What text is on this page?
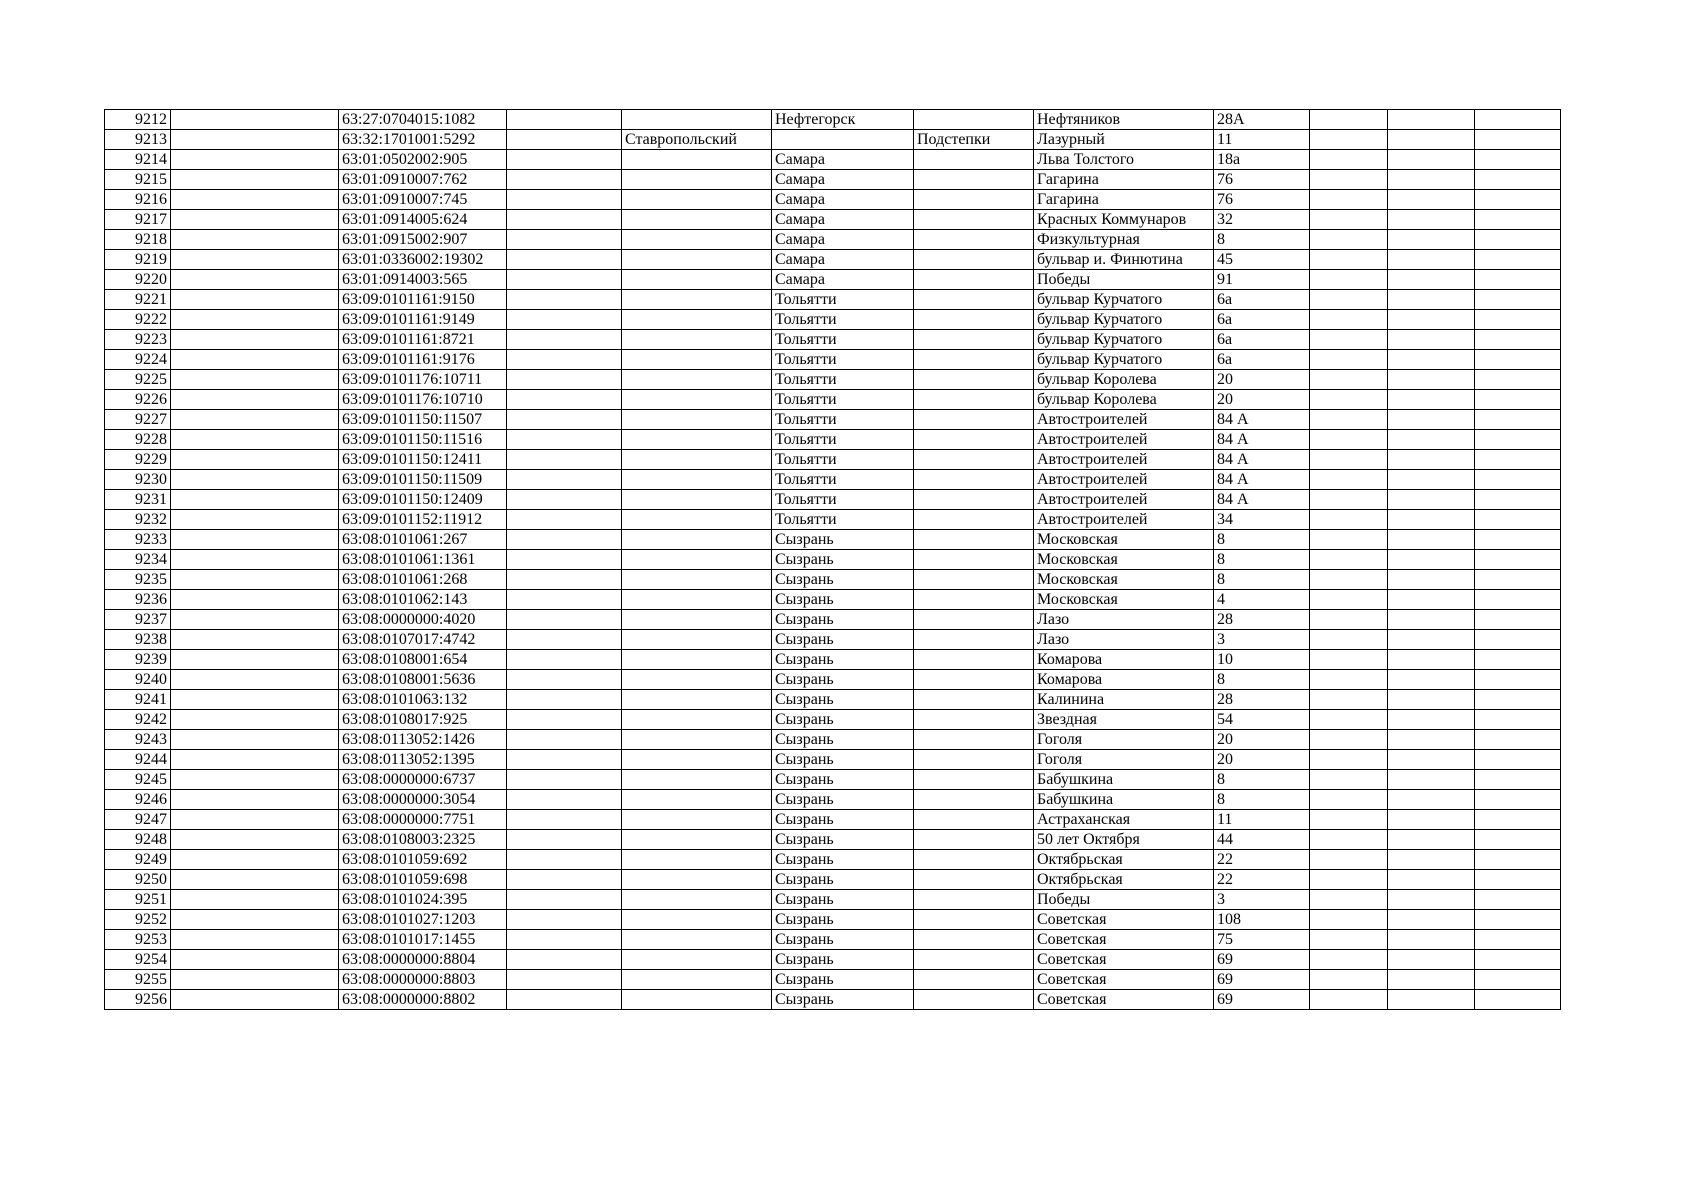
9212		63:27:0704015:1082			Нефтегорск		Нефтяников	28А			
9213		63:32:1701001:5292		Ставропольский		Подстепки	Лазурный	11			
9214		63:01:0502002:905			Самара		Льва Толстого	18а			
9215		63:01:0910007:762			Самара		Гагарина	76			
9216		63:01:0910007:745			Самара		Гагарина	76			
9217		63:01:0914005:624			Самара		Красных Коммунаров	32			
9218		63:01:0915002:907			Самара		Физкультурная	8			
9219		63:01:0336002:19302			Самара		бульвар и. Финютина	45			
9220		63:01:0914003:565			Самара		Победы	91			
9221		63:09:0101161:9150			Тольятти		бульвар Курчатого	6а			
9222		63:09:0101161:9149			Тольятти		бульвар Курчатого	6а			
9223		63:09:0101161:8721			Тольятти		бульвар Курчатого	6а			
9224		63:09:0101161:9176			Тольятти		бульвар Курчатого	6а			
9225		63:09:0101176:10711			Тольятти		бульвар Королева	20			
9226		63:09:0101176:10710			Тольятти		бульвар Королева	20			
9227		63:09:0101150:11507			Тольятти		Автостроителей	84 А			
9228		63:09:0101150:11516			Тольятти		Автостроителей	84 А			
9229		63:09:0101150:12411			Тольятти		Автостроителей	84 А			
9230		63:09:0101150:11509			Тольятти		Автостроителей	84 А			
9231		63:09:0101150:12409			Тольятти		Автостроителей	84 А			
9232		63:09:0101152:11912			Тольятти		Автостроителей	34			
9233		63:08:0101061:267			Сызрань		Московская	8			
9234		63:08:0101061:1361			Сызрань		Московская	8			
9235		63:08:0101061:268			Сызрань		Московская	8			
9236		63:08:0101062:143			Сызрань		Московская	4			
9237		63:08:0000000:4020			Сызрань		Лазо	28			
9238		63:08:0107017:4742			Сызрань		Лазо	3			
9239		63:08:0108001:654			Сызрань		Комарова	10			
9240		63:08:0108001:5636			Сызрань		Комарова	8			
9241		63:08:0101063:132			Сызрань		Калинина	28			
9242		63:08:0108017:925			Сызрань		Звездная	54			
9243		63:08:0113052:1426			Сызрань		Гоголя	20			
9244		63:08:0113052:1395			Сызрань		Гоголя	20			
9245		63:08:0000000:6737			Сызрань		Бабушкина	8			
9246		63:08:0000000:3054			Сызрань		Бабушкина	8			
9247		63:08:0000000:7751			Сызрань		Астраханская	11			
9248		63:08:0108003:2325			Сызрань		50 лет Октября	44			
9249		63:08:0101059:692			Сызрань		Октябрьская	22			
9250		63:08:0101059:698			Сызрань		Октябрьская	22			
9251		63:08:0101024:395			Сызрань		Победы	3			
9252		63:08:0101027:1203			Сызрань		Советская	108			
9253		63:08:0101017:1455			Сызрань		Советская	75			
9254		63:08:0000000:8804			Сызрань		Советская	69			
9255		63:08:0000000:8803			Сызрань		Советская	69			
9256		63:08:0000000:8802			Сызрань		Советская	69			
